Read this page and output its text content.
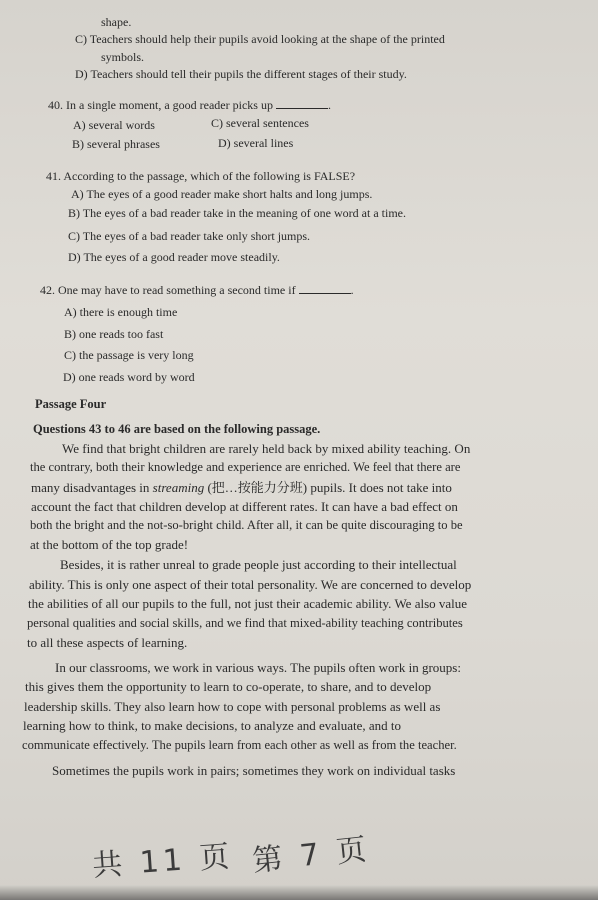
shape.
C) Teachers should help their pupils avoid looking at the shape of the printed
symbols.
D) Teachers should tell their pupils the different stages of their study.
40. In a single moment, a good reader picks up	.
A) several words	C) several sentences
B) several phrases	D) several lines
41. According to the passage, which of the following is FALSE?
A) The eyes of a good reader make short halts and long jumps.
B) The eyes of a bad reader take in the meaning of one word at a time.
C) The eyes of a bad reader take only short jumps.
D) The eyes of a good reader move steadily.
42. One may have to read something a second time if	.
A) there is enough time
B) one reads too fast
C) the passage is very long
D) one reads word by word
Passage Four
Questions 43 to 46 are based on the following passage.
We find that bright children are rarely held back by mixed ability teaching. On
the contrary, both their knowledge and experience are enriched. We feel that there are
many disadvantages in streaming (把…按能力分班) pupils. It does not take into
account the fact that children develop at different rates. It can have a bad effect on
both the bright and the not-so-bright child. After all, it can be quite discouraging to be
at the bottom of the top grade!
Besides, it is rather unreal to grade people just according to their intellectual
ability. This is only one aspect of their total personality. We are concerned to develop
the abilities of all our pupils to the full, not just their academic ability. We also value
personal qualities and social skills, and we find that mixed-ability teaching contributes
to all these aspects of learning.
In our classrooms, we work in various ways. The pupils often work in groups:
this gives them the opportunity to learn to co-operate, to share, and to develop
leadership skills. They also learn how to cope with personal problems as well as
learning how to think, to make decisions, to analyze and evaluate, and to
communicate effectively. The pupils learn from each other as well as from the teacher.
Sometimes the pupils work in pairs; sometimes they work on individual tasks
共 11 页 第 7 页
